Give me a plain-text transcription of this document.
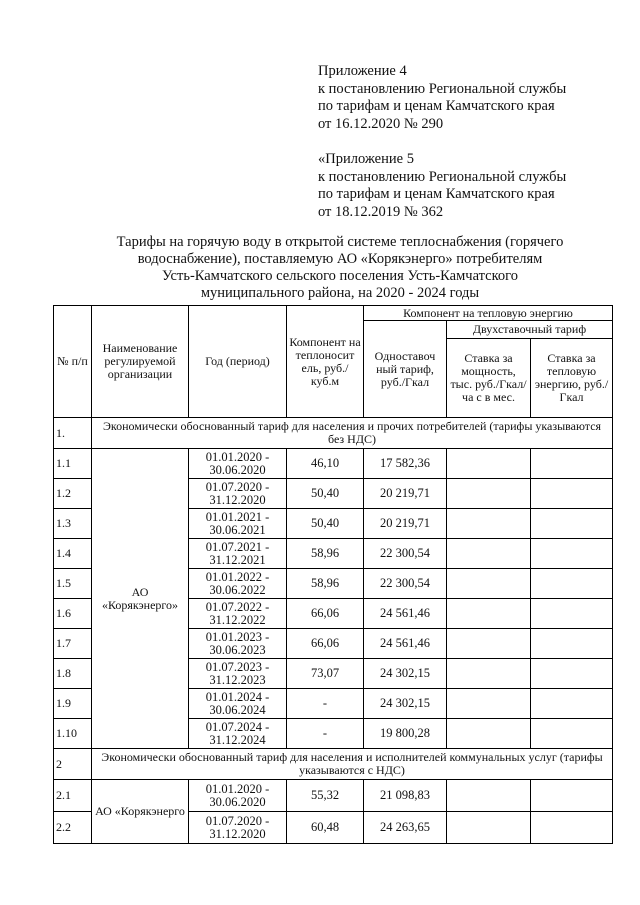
Приложение 4
к постановлению Региональной службы
по тарифам и ценам Камчатского края
от 16.12.2020 № 290
«Приложение 5
к постановлению Региональной службы
по тарифам и ценам Камчатского края
от 18.12.2019 № 362
Тарифы на горячую воду в открытой системе теплоснабжения (горячего
водоснабжение), поставляемую АО «Корякэнерго» потребителям
Усть-Камчатского сельского поселения Усть-Камчатского
муниципального района, на 2020 - 2024 годы
№ п/п	Наименование регулируемой организации	Год (период)	Компонент на теплоносит ель, руб./куб.м	Компонент на тепловую энергию		
				Одноставоч ный тариф, руб./Гкал	Двухставочный тариф	
					Ставка за мощность, тыс. руб./Гкал/ча с в мес.	Ставка за тепловую энергию, руб./Гкал
1.	Экономически обоснованный тариф для населения и прочих потребителей (тарифы указываются без НДС)					
1.1	АО «Корякэнерго»	01.01.2020 - 30.06.2020	46,10	17 582,36		
1.2		01.07.2020 - 31.12.2020	50,40	20 219,71		
1.3		01.01.2021 - 30.06.2021	50,40	20 219,71		
1.4		01.07.2021 - 31.12.2021	58,96	22 300,54		
1.5		01.01.2022 - 30.06.2022	58,96	22 300,54		
1.6		01.07.2022 - 31.12.2022	66,06	24 561,46		
1.7		01.01.2023 - 30.06.2023	66,06	24 561,46		
1.8		01.07.2023 - 31.12.2023	73,07	24 302,15		
1.9		01.01.2024 - 30.06.2024	-	24 302,15		
1.10		01.07.2024 - 31.12.2024	-	19 800,28		
2	Экономически обоснованный тариф для населения и исполнителей коммунальных услуг (тарифы указываются с НДС)					
2.1	АО «Корякэнерго	01.01.2020 - 30.06.2020	55,32	21 098,83		
2.2		01.07.2020 - 31.12.2020	60,48	24 263,65		
